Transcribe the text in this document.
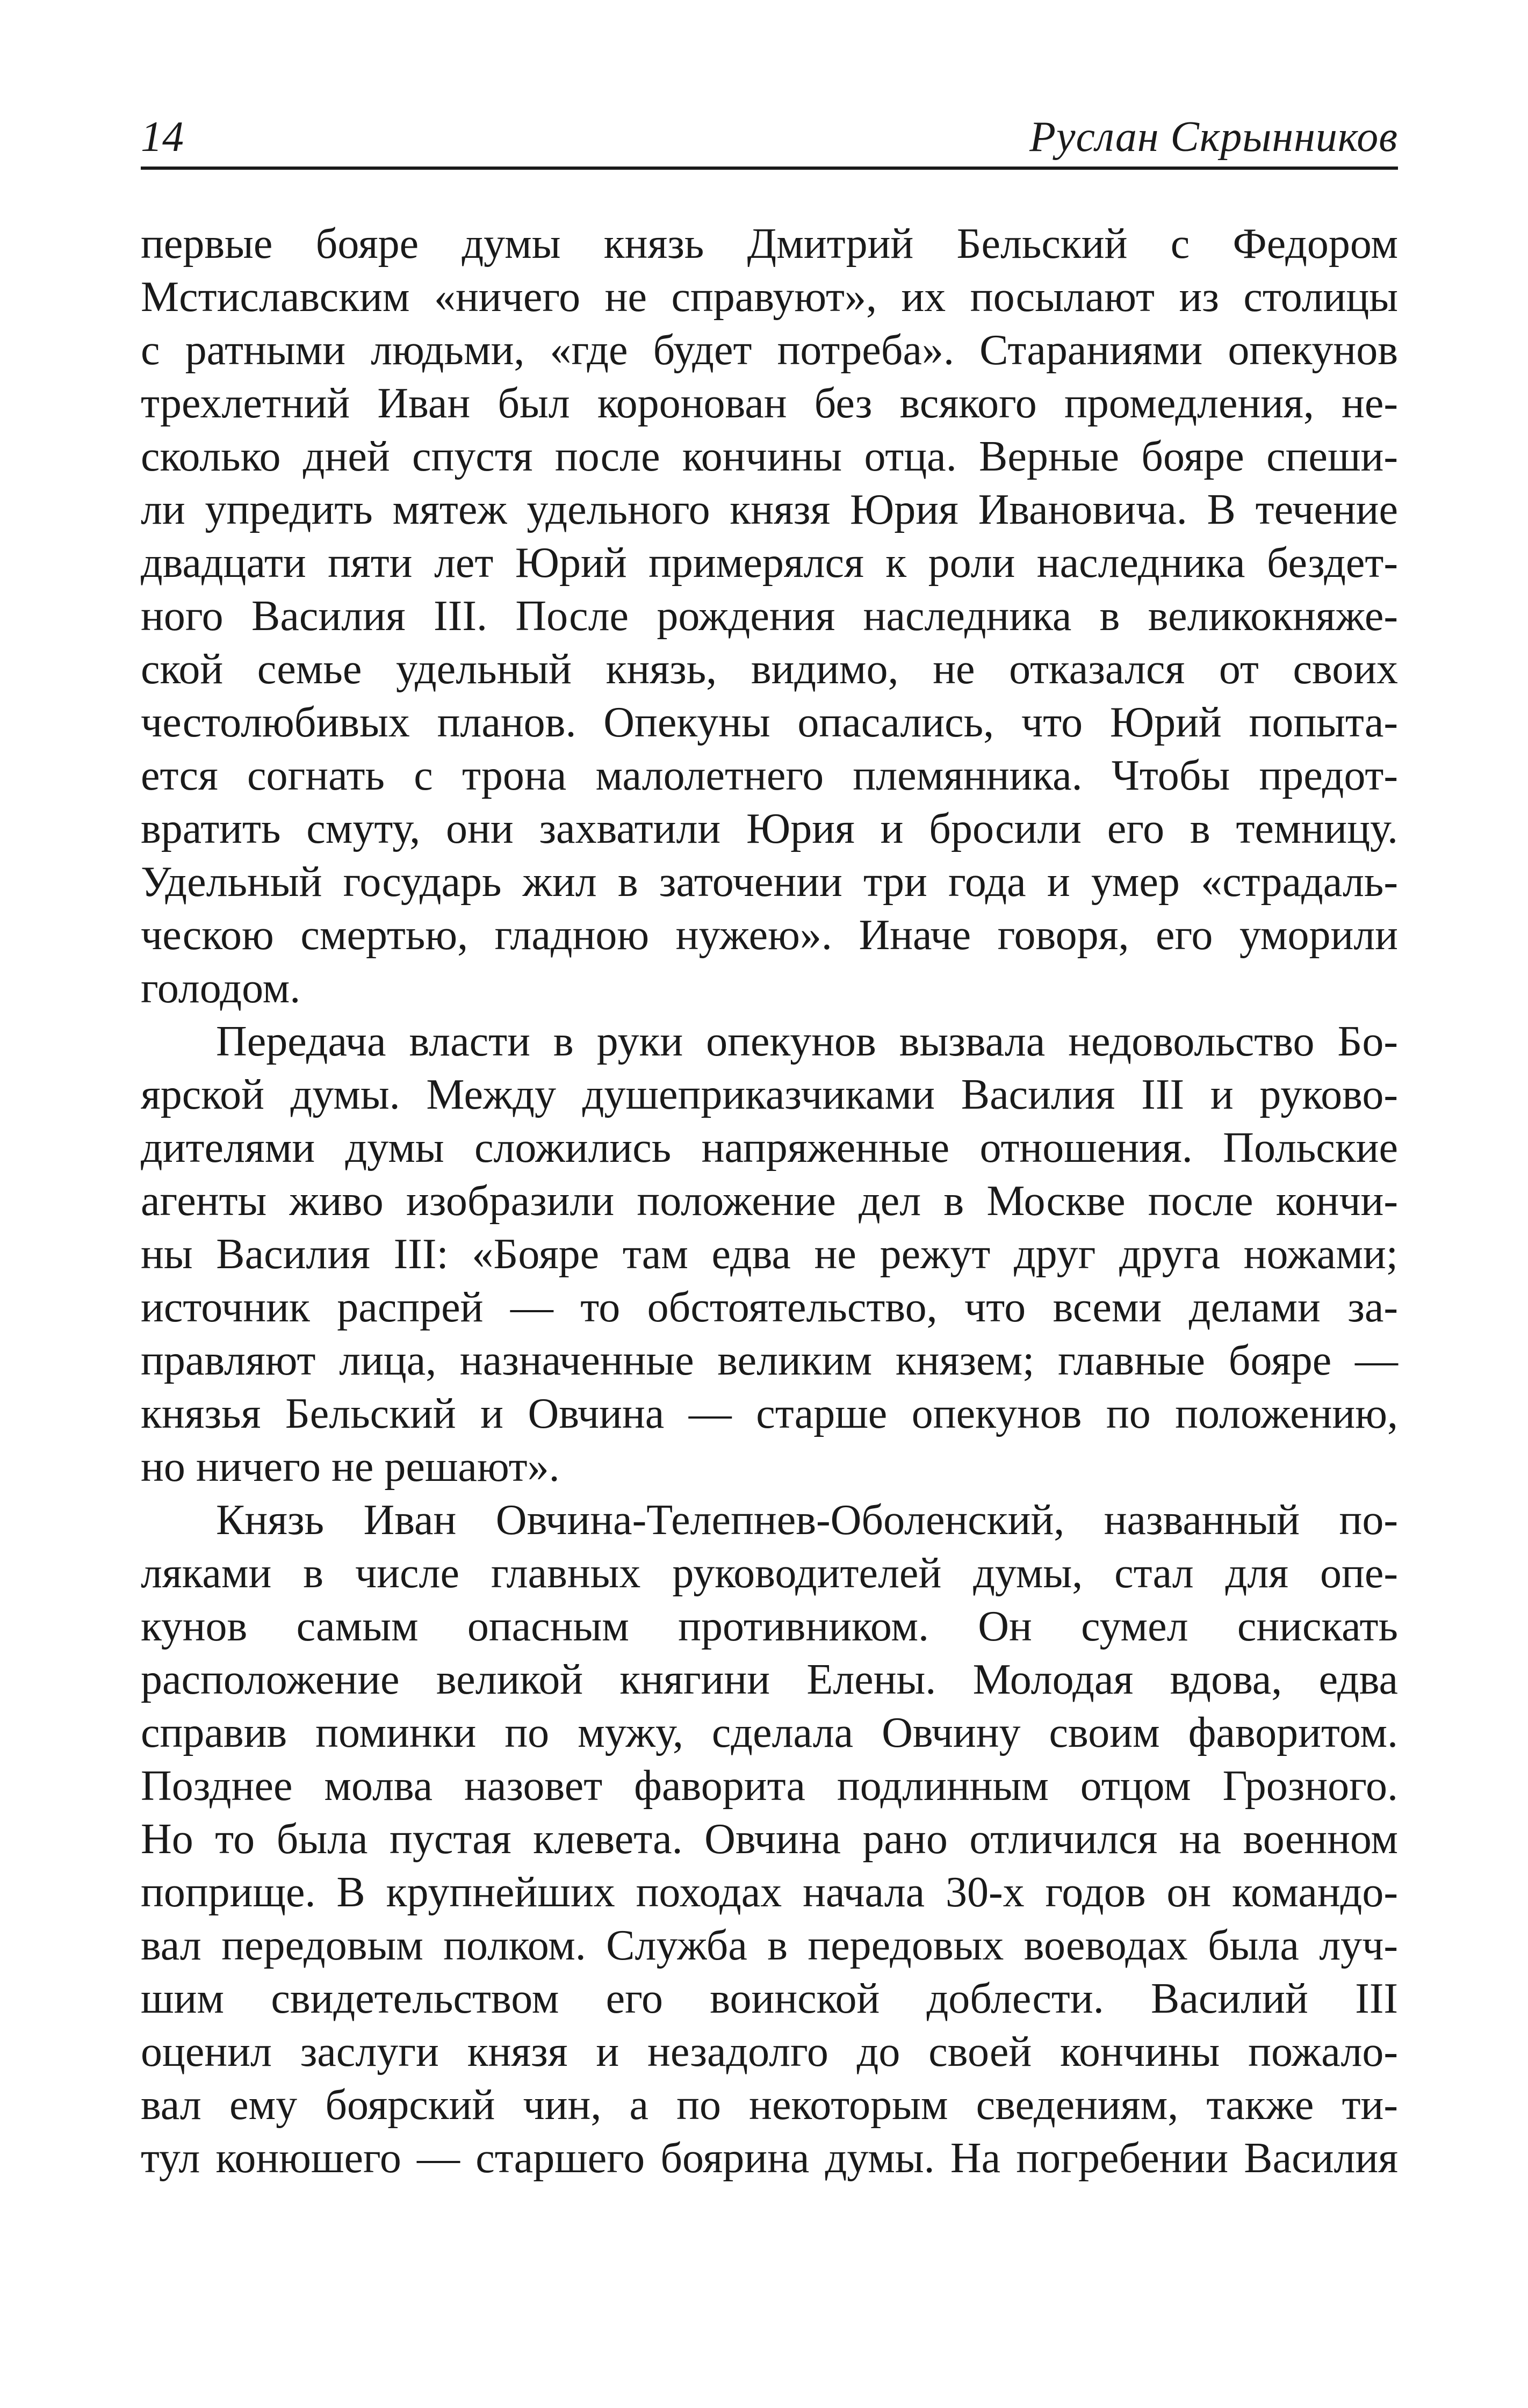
14	Руслан Скрынников

первые бояре думы князь Дмитрий Бельский с Федором
Мстиславским «ничего не справуют», их посылают из столицы
с ратными людьми, «где будет потреба». Стараниями опекунов
трехлетний Иван был коронован без всякого промедления, не-
сколько дней спустя после кончины отца. Верные бояре спеши-
ли упредить мятеж удельного князя Юрия Ивановича. В течение
двадцати пяти лет Юрий примерялся к роли наследника бездет-
ного Василия III. После рождения наследника в великокняже-
ской семье удельный князь, видимо, не отказался от своих
честолюбивых планов. Опекуны опасались, что Юрий попыта-
ется согнать с трона малолетнего племянника. Чтобы предот-
вратить смуту, они захватили Юрия и бросили его в темницу.
Удельный государь жил в заточении три года и умер «страдаль-
ческою смертью, гладною нужею». Иначе говоря, его уморили
голодом.

Передача власти в руки опекунов вызвала недовольство Бо-
ярской думы. Между душеприказчиками Василия III и руково-
дителями думы сложились напряженные отношения. Польские
агенты живо изобразили положение дел в Москве после кончи-
ны Василия III: «Бояре там едва не режут друг друга ножами;
источник распрей — то обстоятельство, что всеми делами за-
правляют лица, назначенные великим князем; главные бояре —
князья Бельский и Овчина — старше опекунов по положению,
но ничего не решают».

Князь Иван Овчина-Телепнев-Оболенский, названный по-
ляками в числе главных руководителей думы, стал для опе-
кунов самым опасным противником. Он сумел снискать
расположение великой княгини Елены. Молодая вдова, едва
справив поминки по мужу, сделала Овчину своим фаворитом.
Позднее молва назовет фаворита подлинным отцом Грозного.
Но то была пустая клевета. Овчина рано отличился на военном
поприще. В крупнейших походах начала 30-х годов он командо-
вал передовым полком. Служба в передовых воеводах была луч-
шим свидетельством его воинской доблести. Василий III
оценил заслуги князя и незадолго до своей кончины пожало-
вал ему боярский чин, а по некоторым сведениям, также ти-
тул конюшего — старшего боярина думы. На погребении Василия
